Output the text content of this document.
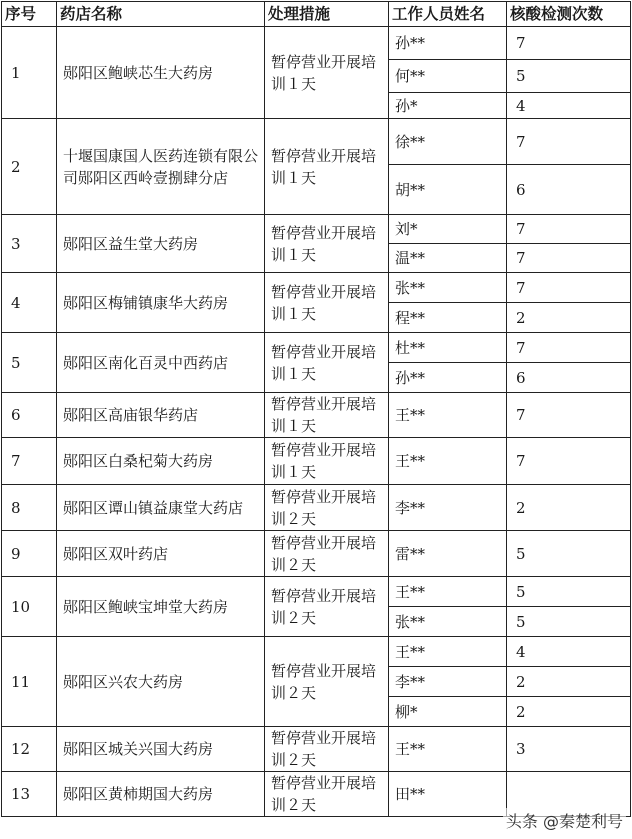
序号	药店名称	处理措施	工作人员姓名	核酸检测次数
1	郧阳区鲍峡芯生大药房	暂停营业开展培训１天	孙**	7
			何**	5
			孙*	4
2	十堰国康国人医药连锁有限公司郧阳区西岭壹捌肆分店	暂停营业开展培训１天	徐**	7
			胡**	6
3	郧阳区益生堂大药房	暂停营业开展培训１天	刘*	7
			温**	7
4	郧阳区梅铺镇康华大药房	暂停营业开展培训１天	张**	7
			程**	2
5	郧阳区南化百灵中西药店	暂停营业开展培训１天	杜**	7
			孙**	6
6	郧阳区高庙银华药店	暂停营业开展培训１天	王**	7
7	郧阳区白桑杞菊大药房	暂停营业开展培训１天	王**	7
8	郧阳区谭山镇益康堂大药店	暂停营业开展培训２天	李**	2
9	郧阳区双叶药店	暂停营业开展培训２天	雷**	5
10	郧阳区鲍峡宝坤堂大药房	暂停营业开展培训２天	王**	5
			张**	5
11	郧阳区兴农大药房	暂停营业开展培训２天	王**	4
			李**	2
			柳*	2
12	郧阳区城关兴国大药房	暂停营业开展培训２天	王**	3
13	郧阳区黄柿期国大药房	暂停营业开展培训２天	田**	
头条 @秦楚利号
